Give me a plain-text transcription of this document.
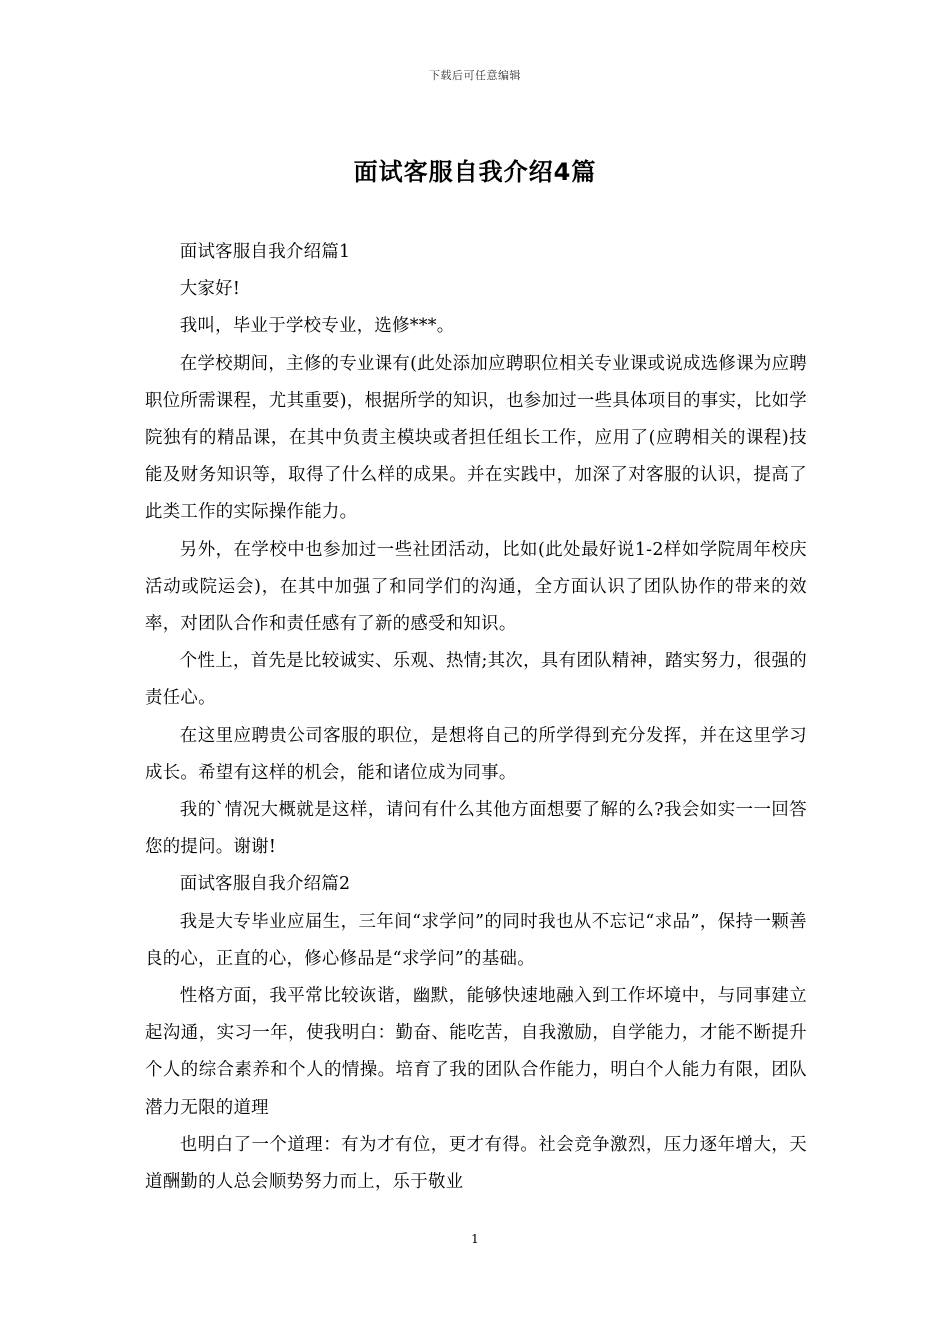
下载后可任意编辑
面试客服自我介绍4篇

面试客服自我介绍篇1

大家好!

我叫，毕业于学校专业，选修***。

在学校期间，主修的专业课有(此处添加应聘职位相关专业课或说成选修课为应聘职位所需课程，尤其重要)，根据所学的知识，也参加过一些具体项目的事实，比如学院独有的精品课，在其中负责主模块或者担任组长工作，应用了(应聘相关的课程)技能及财务知识等，取得了什么样的成果。并在实践中，加深了对客服的认识，提高了此类工作的实际操作能力。

另外，在学校中也参加过一些社团活动，比如(此处最好说1-2样如学院周年校庆活动或院运会)，在其中加强了和同学们的沟通，全方面认识了团队协作的带来的效率，对团队合作和责任感有了新的感受和知识。

个性上，首先是比较诚实、乐观、热情;其次，具有团队精神，踏实努力，很强的责任心。

在这里应聘贵公司客服的职位，是想将自己的所学得到充分发挥，并在这里学习成长。希望有这样的机会，能和诸位成为同事。

我的`情况大概就是这样，请问有什么其他方面想要了解的么?我会如实一一回答您的提问。谢谢!

面试客服自我介绍篇2

我是大专毕业应届生，三年间“求学问”的同时我也从不忘记“求品”，保持一颗善良的心，正直的心，修心修品是“求学问”的基础。

性格方面，我平常比较诙谐，幽默，能够快速地融入到工作坏境中，与同事建立起沟通，实习一年，使我明白：勤奋、能吃苦，自我激励，自学能力，才能不断提升个人的综合素养和个人的情操。培育了我的团队合作能力，明白个人能力有限，团队潜力无限的道理

也明白了一个道理：有为才有位，更才有得。社会竞争激烈，压力逐年增大，天道酬勤的人总会顺势努力而上，乐于敬业

1
